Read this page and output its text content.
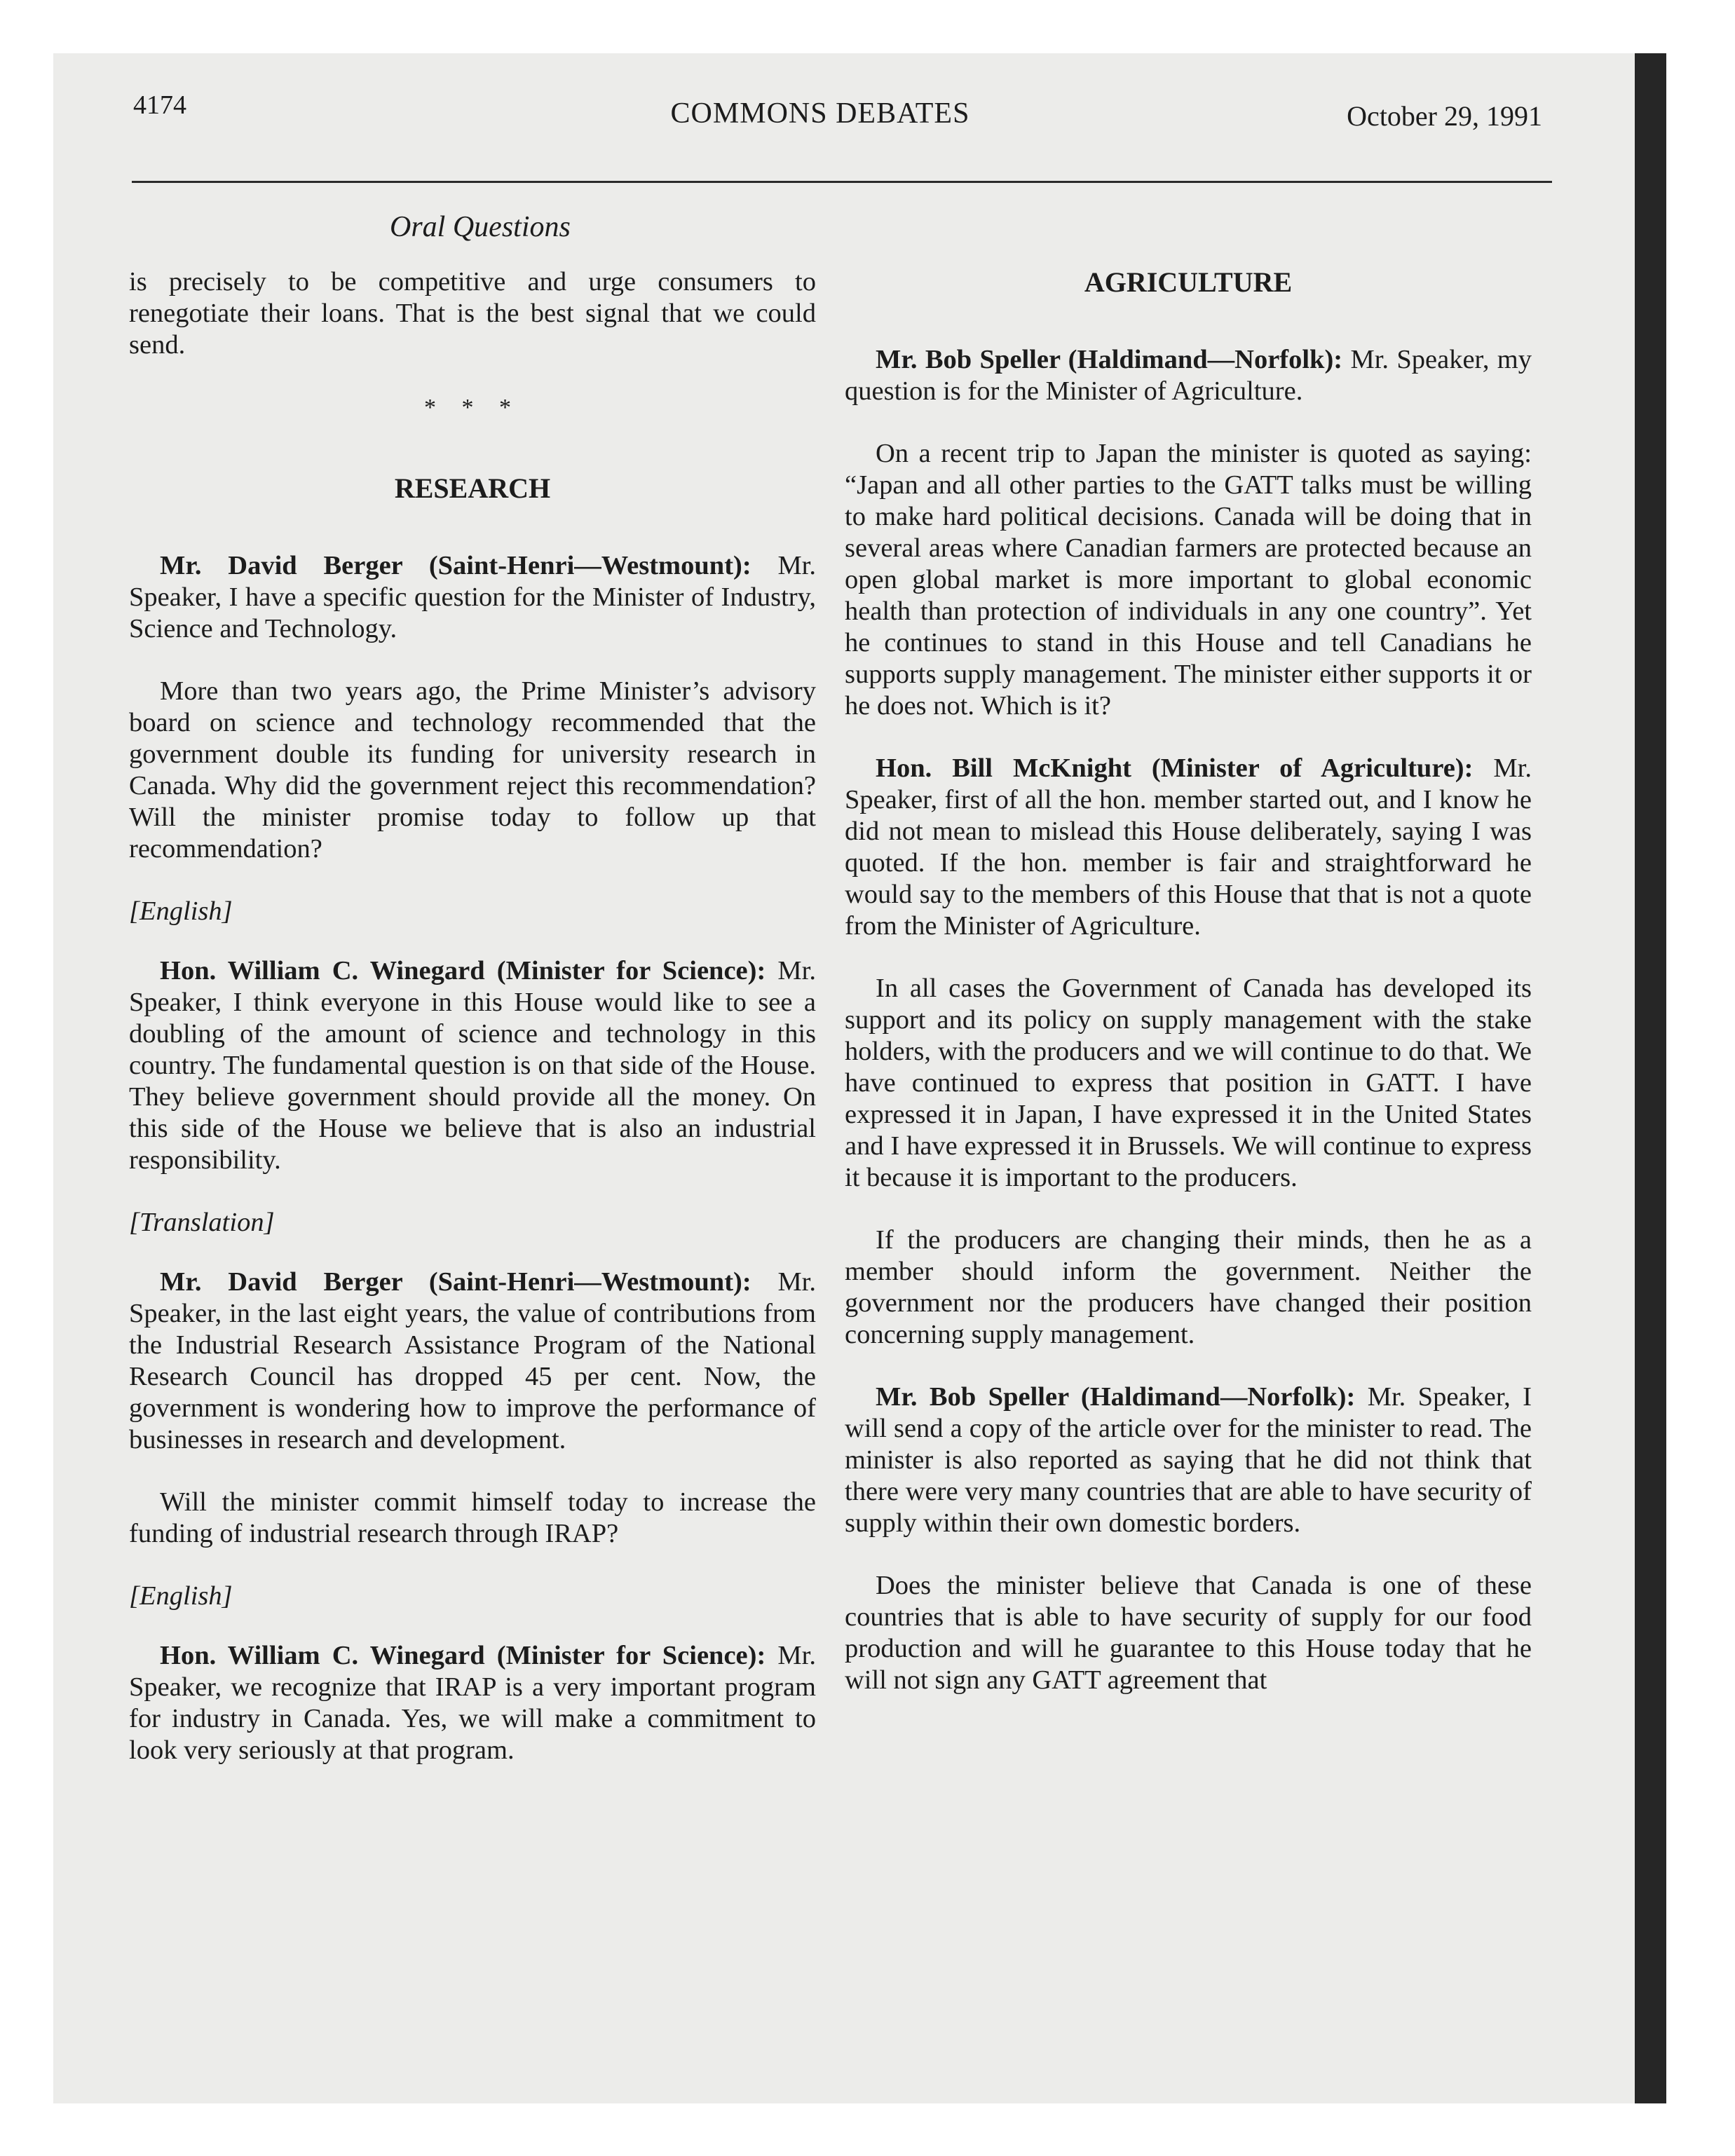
4174	COMMONS DEBATES	October 29, 1991
Oral Questions

is precisely to be competitive and urge consumers to renegotiate their loans. That is the best signal that we could send.

* * *
RESEARCH

Mr. David Berger (Saint-Henri—Westmount): Mr. Speaker, I have a specific question for the Minister of Industry, Science and Technology.

More than two years ago, the Prime Minister’s advisory board on science and technology recommended that the government double its funding for university research in Canada. Why did the government reject this recommendation? Will the minister promise today to follow up that recommendation?

[English]

Hon. William C. Winegard (Minister for Science): Mr. Speaker, I think everyone in this House would like to see a doubling of the amount of science and technology in this country. The fundamental question is on that side of the House. They believe government should provide all the money. On this side of the House we believe that is also an industrial responsibility.

[Translation]

Mr. David Berger (Saint-Henri—Westmount): Mr. Speaker, in the last eight years, the value of contributions from the Industrial Research Assistance Program of the National Research Council has dropped 45 per cent. Now, the government is wondering how to improve the performance of businesses in research and development.

Will the minister commit himself today to increase the funding of industrial research through IRAP?

[English]

Hon. William C. Winegard (Minister for Science): Mr. Speaker, we recognize that IRAP is a very important program for industry in Canada. Yes, we will make a commitment to look very seriously at that program.

AGRICULTURE

Mr. Bob Speller (Haldimand—Norfolk): Mr. Speaker, my question is for the Minister of Agriculture.

On a recent trip to Japan the minister is quoted as saying: “Japan and all other parties to the GATT talks must be willing to make hard political decisions. Canada will be doing that in several areas where Canadian farmers are protected because an open global market is more important to global economic health than protection of individuals in any one country”. Yet he continues to stand in this House and tell Canadians he supports supply management. The minister either supports it or he does not. Which is it?

Hon. Bill McKnight (Minister of Agriculture): Mr. Speaker, first of all the hon. member started out, and I know he did not mean to mislead this House deliberately, saying I was quoted. If the hon. member is fair and straightforward he would say to the members of this House that that is not a quote from the Minister of Agriculture.

In all cases the Government of Canada has developed its support and its policy on supply management with the stake holders, with the producers and we will continue to do that. We have continued to express that position in GATT. I have expressed it in Japan, I have expressed it in the United States and I have expressed it in Brussels. We will continue to express it because it is important to the producers.

If the producers are changing their minds, then he as a member should inform the government. Neither the government nor the producers have changed their position concerning supply management.

Mr. Bob Speller (Haldimand—Norfolk): Mr. Speaker, I will send a copy of the article over for the minister to read. The minister is also reported as saying that he did not think that there were very many countries that are able to have security of supply within their own domestic borders.

Does the minister believe that Canada is one of these countries that is able to have security of supply for our food production and will he guarantee to this House today that he will not sign any GATT agreement that
